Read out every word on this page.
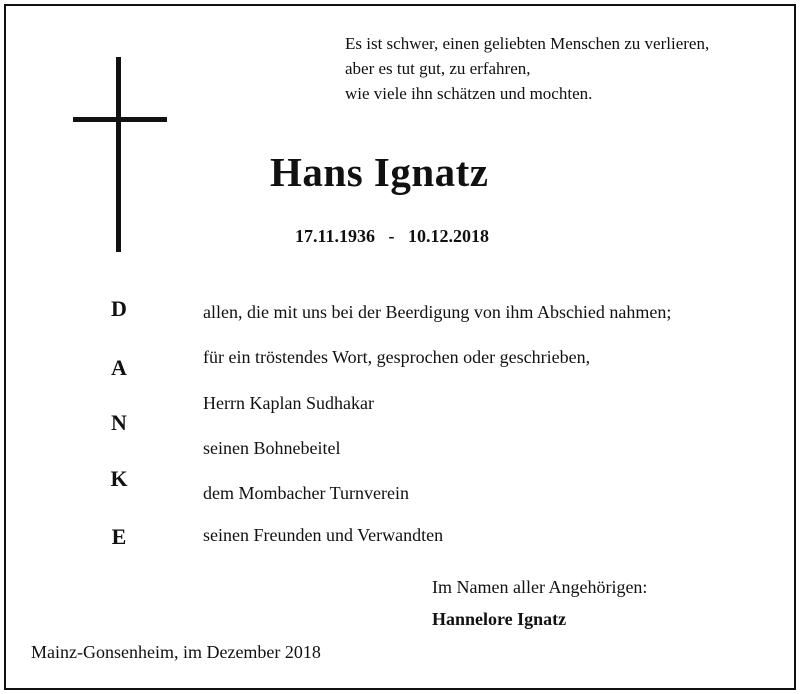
Es ist schwer, einen geliebten Menschen zu verlieren,
aber es tut gut, zu erfahren,
wie viele ihn schätzen und mochten.
Hans Ignatz
17.11.1936 - 10.12.2018
D
A
N
K
E
allen, die mit uns bei der Beerdigung von ihm Abschied nahmen;
für ein tröstendes Wort, gesprochen oder geschrieben,
Herrn Kaplan Sudhakar
seinen Bohnebeitel
dem Mombacher Turnverein
seinen Freunden und Verwandten
Im Namen aller Angehörigen:
Hannelore Ignatz
Mainz-Gonsenheim, im Dezember 2018
